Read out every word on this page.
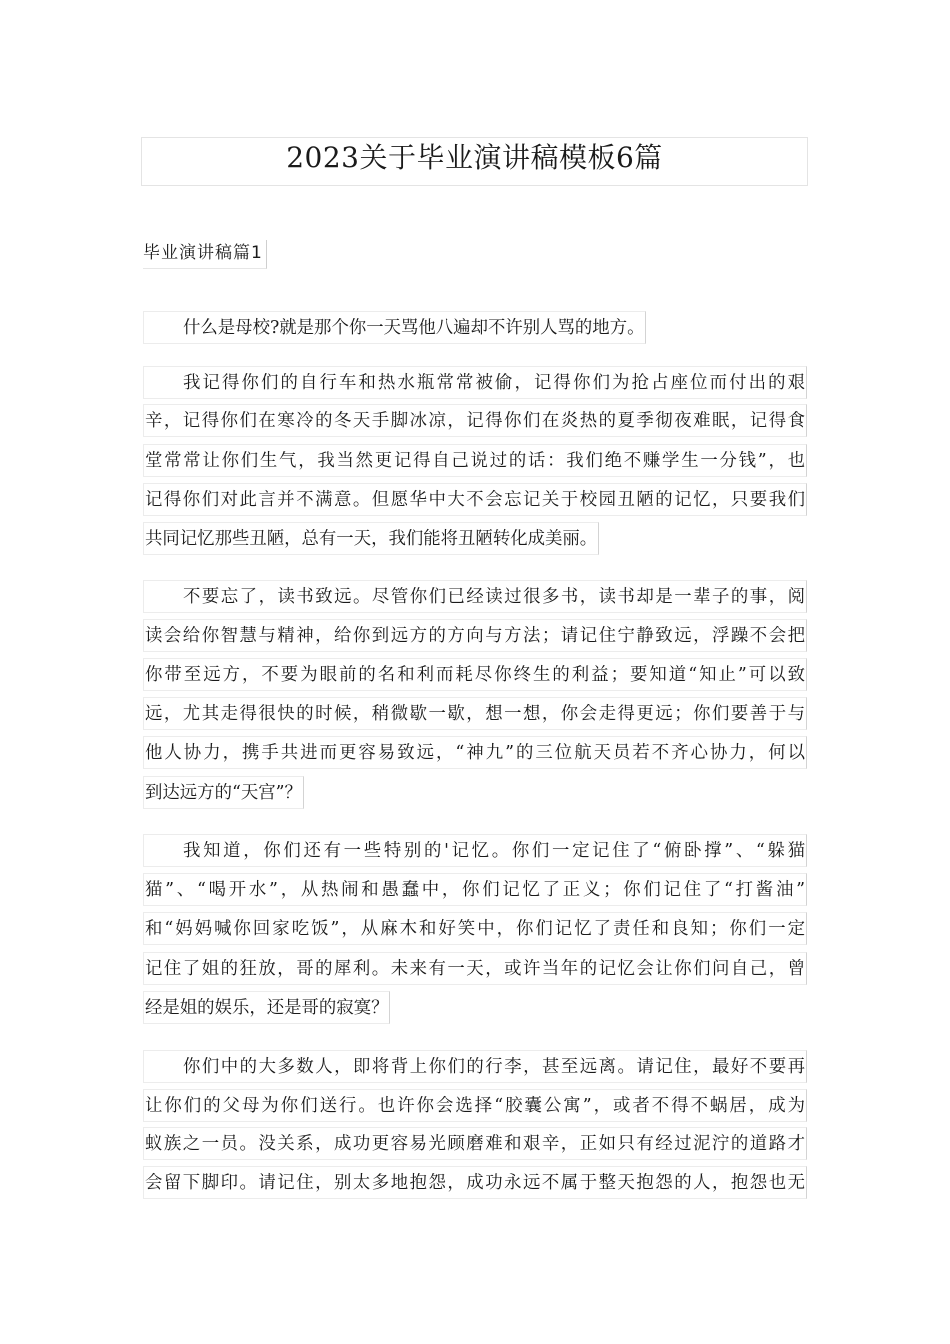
2023关于毕业演讲稿模板6篇
毕业演讲稿篇1
什么是母校?就是那个你一天骂他八遍却不许别人骂的地方。
我记得你们的自行车和热水瓶常常被偷，记得你们为抢占座位而付出的艰
辛，记得你们在寒冷的冬天手脚冰凉，记得你们在炎热的夏季彻夜难眠，记得食
堂常常让你们生气，我当然更记得自己说过的话：我们绝不赚学生一分钱”，也
记得你们对此言并不满意。但愿华中大不会忘记关于校园丑陋的记忆，只要我们
共同记忆那些丑陋，总有一天，我们能将丑陋转化成美丽。
不要忘了，读书致远。尽管你们已经读过很多书，读书却是一辈子的事，阅
读会给你智慧与精神，给你到远方的方向与方法；请记住宁静致远，浮躁不会把
你带至远方，不要为眼前的名和利而耗尽你终生的利益；要知道“知止”可以致
远，尤其走得很快的时候，稍微歇一歇，想一想，你会走得更远；你们要善于与
他人协力，携手共进而更容易致远，“神九”的三位航天员若不齐心协力，何以
到达远方的“天宫”？
我知道，你们还有一些特别的'记忆。你们一定记住了“俯卧撑”、“躲猫
猫”、“喝开水”，从热闹和愚蠢中，你们记忆了正义；你们记住了“打酱油”
和“妈妈喊你回家吃饭”，从麻木和好笑中，你们记忆了责任和良知；你们一定
记住了姐的狂放，哥的犀利。未来有一天，或许当年的记忆会让你们问自己，曾
经是姐的娱乐，还是哥的寂寞？
你们中的大多数人，即将背上你们的行李，甚至远离。请记住，最好不要再
让你们的父母为你们送行。也许你会选择“胶囊公寓”，或者不得不蜗居，成为
蚁族之一员。没关系，成功更容易光顾磨难和艰辛，正如只有经过泥泞的道路才
会留下脚印。请记住，别太多地抱怨，成功永远不属于整天抱怨的人，抱怨也无
